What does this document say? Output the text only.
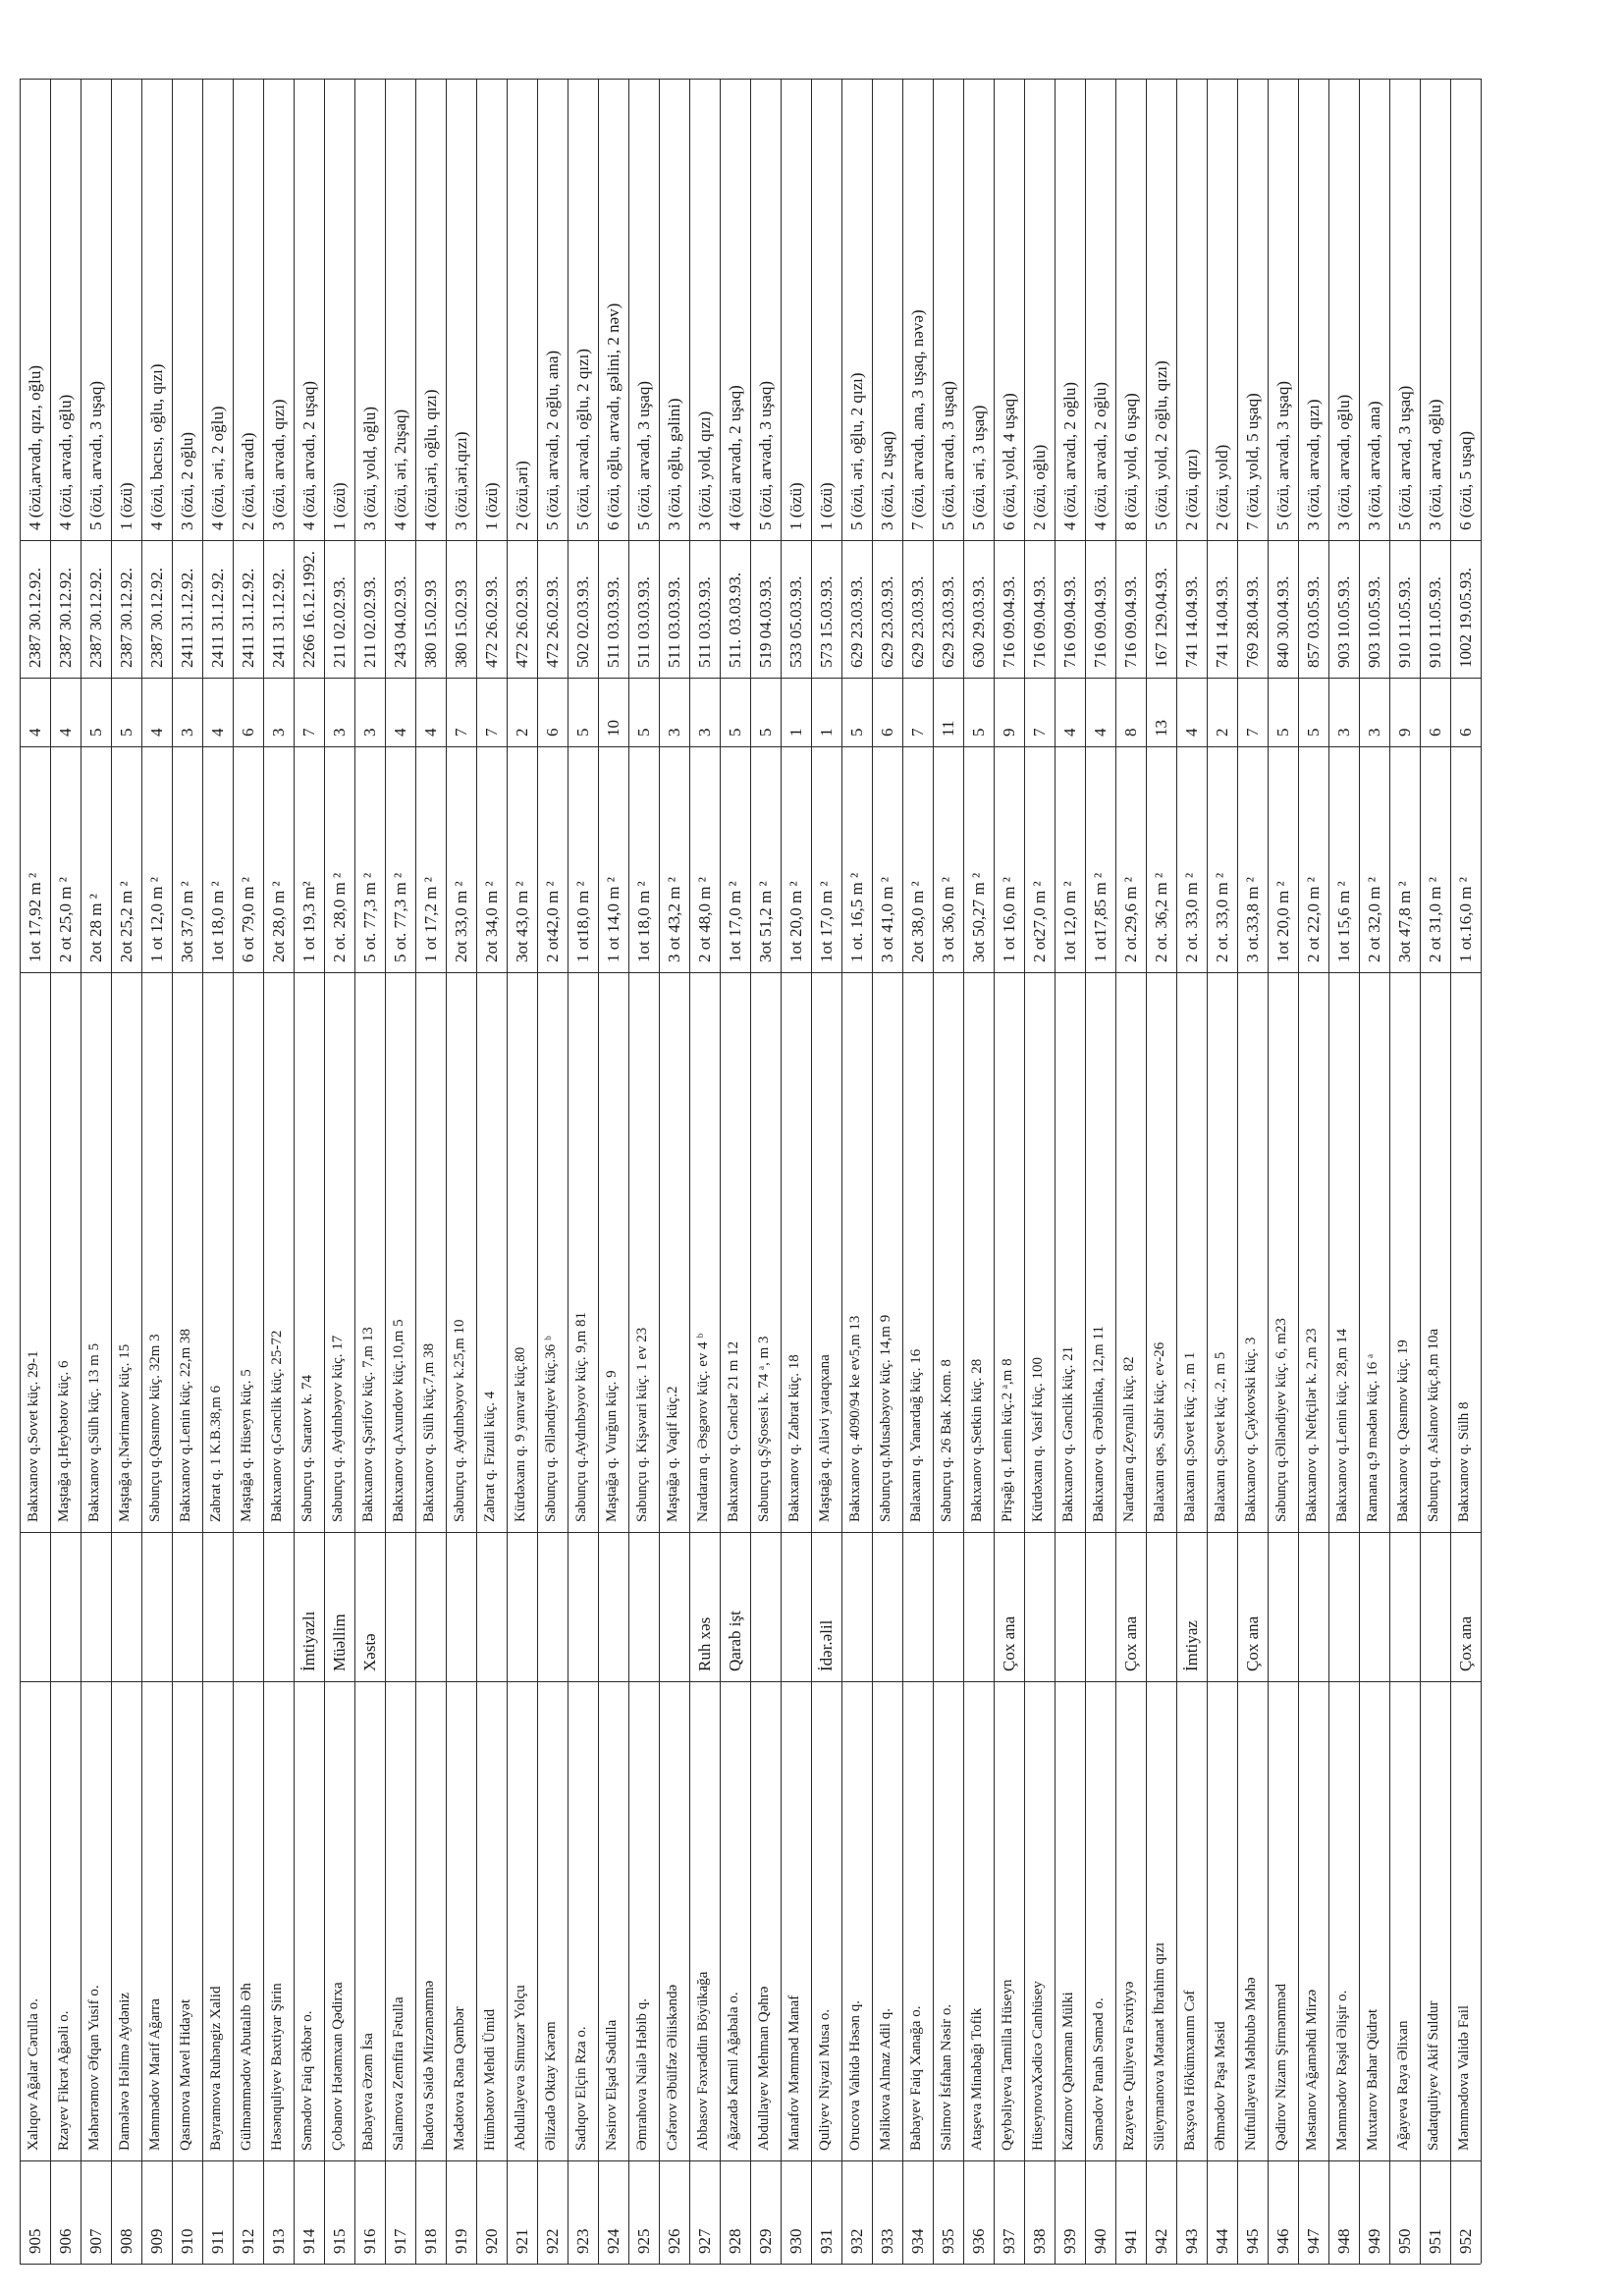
905
Xalıqov Ağalar Cərulla o.
Bakıxanov q.Sovet küç. 29-1
1ot 17,92 m ²
4
2387 30.12.92.
4 (özü,arvadı, qızı, oğlu)
906
Rzayev Fikrət Ağaəli o.
Maştağa q.Heybətov küç. 6
2 ot 25,0 m ²
4
2387 30.12.92.
4 (özü, arvadı, oğlu)
907
Məhərrəmov Əfqan Yusif o.
Bakıxanov q.Sülh küç. 13 m 5
2ot 28 m ²
5
2387 30.12.92.
5 (özü, arvadı, 3 uşaq)
908
Damələvə Həlimə Aydəniz
Maştağa q.Nərimanov küç. 15
2ot 25,2 m ²
5
2387 30.12.92.
1 (özü)
909
Məmmədov Marif Ağarra
Sabunçu q.Qasımov küç. 32m 3
1 ot 12,0 m ²
4
2387 30.12.92.
4 (özü, bacısı, oğlu, qızı)
910
Qasımova Mavel Hidayət
Bakıxanov q.Lenin küç. 22,m 38
3ot 37,0 m ²
3
2411 31.12.92.
3 (özü, 2 oğlu)
911
Bayramova Ruhəngiz Xalid
Zabrat q. 1 K.B.38,m 6
1ot 18,0 m ²
4
2411 31.12.92.
4 (özü, əri, 2 oğlu)
912
Gülməmmədov Abutalıb Əh
Maştağa q. Hüseyn küç. 5
6 ot 79,0 m ²
6
2411 31.12.92.
2 (özü, arvadı)
913
Həsənquliyev Baxtiyar Şirin
Bakıxanov q.Gənclik küç. 25-72
2ot 28,0 m ²
3
2411 31.12.92.
3 (özü, arvadı, qızı)
914
Səmədov Faiq Əkbər o.
İmtiyazlı
Sabunçu q. Saratov k. 74
1 ot 19,3 m²
7
2266 16.12.1992.
4 (özü, arvadı, 2 uşaq)
915
Çobanov Hətəmxan Qədirxa
Müəllim
Sabunçu q. Aydınbəyov küç. 17
2 ot. 28,0 m ²
3
211 02.02.93.
1 (özü)
916
Babayeva Əzəm İsa
Xəstə
Bakıxanov q.Şərifov küç. 7,m 13
5 ot. 77,3 m ²
3
211 02.02.93.
3 (özü, yold, oğlu)
917
Salamova Zemfira Fətulla
Bakıxanov q.Axundov küç.10,m 5
5 ot. 77,3 m ²
4
243 04.02.93.
4 (özü, əri, 2uşaq)
918
İbadova Səidə Mirzəməmmə
Bakıxanov q. Sülh küç.7,m 38
1 ot 17,2 m ²
4
380 15.02.93
4 (özü,əri, oğlu, qızı)
919
Mədətova Rəna Qəmbər
Sabunçu q. Aydınbəyov k.25,m 10
2ot 33,0 m ²
7
380 15.02.93
3 (özü,əri,qızı)
920
Hümbətov Mehdi Ümid
Zabrat q. Fizuli küç. 4
2ot 34,0 m ²
7
472 26.02.93.
1 (özü)
921
Abdullayeva Simuzər Yolçu
Kürdəxanı q. 9 yanvar küç.80
3ot 43,0 m ²
2
472 26.02.93.
2 (özü,əri)
922
Əlizadə Oktay Kərəm
Sabunçu q. Əlləndiyev küç.36 ᵇ
2 ot42,0 m ²
6
472 26.02.93.
5 (özü, arvadı, 2 oğlu, ana)
923
Sadıqov Elçin Rza o.
Sabunçu q.Aydınbəyov küç. 9,m 81
1 ot18,0 m ²
5
502 02.03.93.
5 (özü, arvadı, oğlu, 2 qızı)
924
Nəsirov Elşad Sədulla
Maştağa q. Vurğun küç. 9
1 ot 14,0 m ²
10
511 03.03.93.
6 (özü, oğlu, arvadı, gəlini, 2 nəv)
925
Əmrahova Nailə Həbib q.
Sabunçu q. Kişəvari küç. 1 ev 23
1ot 18,0 m ²
5
511 03.03.93.
5 (özü, arvadı, 3 uşaq)
926
Cəfərov Əbülfəz Əliiskəndə
Maştağa q. Vaqif küç.2
3 ot 43,2 m ²
3
511 03.03.93.
3 (özü, oğlu, gəlini)
927
Abbasov Fəxrəddin Böyükağa
Ruh xəs
Nardaran q. Əsgərov küç. ev 4 ᵇ
2 ot 48,0 m ²
3
511 03.03.93.
3 (özü, yold, qızı)
928
Ağazadə Kamil Ağabala o.
Qarab işt
Bakıxanov q. Gənclər 21 m 12
1ot 17,0 m ²
5
511. 03.03.93.
4 (özü arvadı, 2 uşaq)
929
Abdullayev Mehman Qəhrə
Sabunçu q.Ş/Şosesi k. 74 ᵃ, m 3
3ot 51,2 m ²
5
519 04.03.93.
5 (özü, arvadı, 3 uşaq)
930
Manafov Məmməd Manaf
Bakıxanov q. Zabrat küç. 18
1ot 20,0 m ²
1
533 05.03.93.
1 (özü)
931
Quliyev Niyazi Musa o.
İdər.əlil
Maştağa q. Ailəvi yataqxana
1ot 17,0 m ²
1
573 15.03.93.
1 (özü)
932
Orucova Vahidə Həsən q.
Bakıxanov q. 4090/94 ke ev5,m 13
1 ot. 16,5 m ²
5
629 23.03.93.
5 (özü, əri, oğlu, 2 qızı)
933
Məlikova Almaz Adil q.
Sabunçu q.Musabəyov küç. 14,m 9
3 ot 41,0 m ²
6
629 23.03.93.
3 (özü, 2 uşaq)
934
Babayev Faiq Xanağa o.
Balaxanı q. Yanardağ küç. 16
2ot 38,0 m ²
7
629 23.03.93.
7 (özü, arvadı, ana, 3 uşaq, nəvə)
935
Səlimov İsfahan Nəsir o.
Sabunçu q. 26 Bak .Kom. 8
3 ot 36,0 m ²
11
629 23.03.93.
5 (özü, arvadı, 3 uşaq)
936
Ataşeva Minabağı Tofik
Bakıxanov q.Setkin küç. 28
3ot 50,27 m ²
5
630 29.03.93.
5 (özü, əri, 3 uşaq)
937
Qeybəliyeva Tamilla Hüseyn
Çox ana
Pirşağı q. Lenin küç.2 ᵃ,m 8
1 ot 16,0 m ²
9
716 09.04.93.
6 (özü, yold, 4 uşaq)
938
HüseynovaXədicə Canhüsey
Kürdəxanı q. Vasif küç. 100
2 ot27,0 m ²
7
716 09.04.93.
2 (özü, oğlu)
939
Kazımov Qəhrəman Mülki
Bakıxanov q. Gənclik küç. 21
1ot 12,0 m ²
4
716 09.04.93.
4 (özü, arvadı, 2 oğlu)
940
Səmədov Panah Səməd o.
Bakıxanov q. Ərəblinka, 12,m 11
1 ot17,85 m ²
4
716 09.04.93.
4 (özü, arvadı, 2 oğlu)
941
Rzayeva- Quliyeva Fəxriyyə
Çox ana
Nardaran q.Zeynallı küç. 82
2 ot.29,6 m ²
8
716 09.04.93.
8 (özü, yold, 6 uşaq)
942
Süleymanova Mətanət İbrahim qızı
Balaxanı qəs, Sabir küç. ev-26
2 ot. 36,2 m ²
13
167 129.04.93.
5 (özü, yold, 2 oğlu, qızı)
943
Baxşova Hökümxanım Cəf
İmtiyaz
Balaxanı q.Sovet küç .2, m 1
2 ot. 33,0 m ²
4
741 14.04.93.
2 (özü, qızı)
944
Əhmədov Paşa Məsid
Balaxanı q.Sovet küç .2, m 5
2 ot. 33,0 m ²
2
741 14.04.93.
2 (özü, yold)
945
Nuftullayeva Məhbubə Məhə
Çox ana
Bakıxanov q. Çaykovski küç. 3
3 ot.33,8 m ²
7
769 28.04.93.
7 (özü, yold, 5 uşaq)
946
Qədirov Nizam Şirməmməd
Sabunçu q.Əlləndiyev küç. 6, m23
1ot 20,0 m ²
5
840 30.04.93.
5 (özü, arvadı, 3 uşaq)
947
Məstanov Ağaməhdi Mirzə
Bakıxanov q. Neftçilər k. 2,m 23
2 ot 22,0 m ²
5
857 03.05.93.
3 (özü, arvadı, qızı)
948
Məmmədov Rəşid Əlişir o.
Bakıxanov q.Lenin küç. 28,m 14
1ot 15,6 m ²
3
903 10.05.93.
3 (özü, arvadı, oğlu)
949
Muxtarov Bahar Qüdrət
Ramana q.9 mədən küç. 16 ᵃ
2 ot 32,0 m ²
3
903 10.05.93.
3 (özü, arvadı, ana)
950
Ağayeva Raya Əlixan
Bakıxanov q. Qasımov küç. 19
3ot 47,8 m ²
9
910 11.05.93.
5 (özü, arvad, 3 uşaq)
951
Sadatquliyev Akif Suldur
Sabunçu q. Aslanov küç.8,m 10a
2 ot 31,0 m ²
6
910 11.05.93.
3 (özü, arvad, oğlu)
952
Məmmədova Validə Fail
Çox ana
Bakıxanov q. Sülh 8
1 ot.16,0 m ²
6
1002 19.05.93.
6 (özü, 5 uşaq)
